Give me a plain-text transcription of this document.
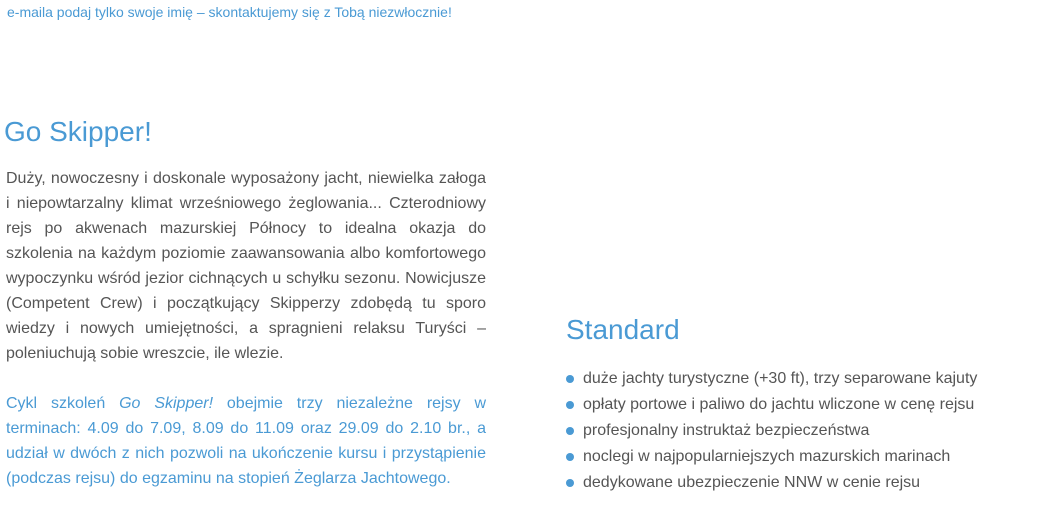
e-maila podaj tylko swoje imię – skontaktujemy się z Tobą niezwłocznie!
Go Skipper!

Duży, nowoczesny i doskonale wyposażony jacht, niewielka załoga i niepowtarzalny klimat wrześniowego żeglowania... Czterodniowy rejs po akwenach mazurskiej Północy to idealna okazja do szkolenia na każdym poziomie zaawansowania albo komfortowego wypoczynku wśród jezior cichnących u schyłku sezonu. Nowicjusze (Competent Crew) i początkujący Skipperzy zdobędą tu sporo wiedzy i nowych umiejętności, a spragnieni relaksu Turyści – poleniuchują sobie wreszcie, ile wlezie.

Cykl szkoleń Go Skipper! obejmie trzy niezależne rejsy w terminach: 4.09 do 7.09, 8.09 do 11.09 oraz 29.09 do 2.10 br., a udział w dwóch z nich pozwoli na ukończenie kursu i przystąpienie (podczas rejsu) do egzaminu na stopień Żeglarza Jachtowego.

Standard
duże jachty turystyczne (+30 ft), trzy separowane kajuty
opłaty portowe i paliwo do jachtu wliczone w cenę rejsu
profesjonalny instruktaż bezpieczeństwa
noclegi w najpopularniejszych mazurskich marinach
dedykowane ubezpieczenie NNW w cenie rejsu
